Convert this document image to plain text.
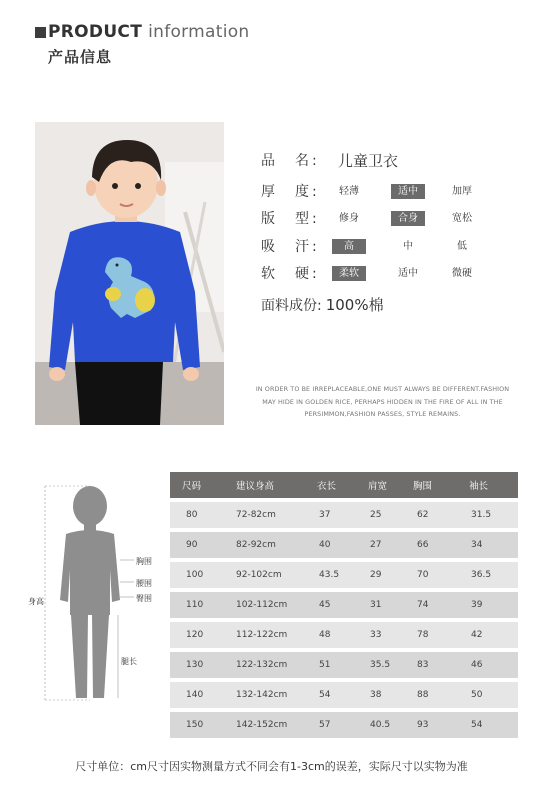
PRODUCT information
产品信息
品　名:	儿童卫衣
厚　度:	轻薄	适中	加厚
版　型:	修身	合身	宽松
吸　汗:	高	中	低
软　硬:	柔软	适中	微硬
面料成份: 100%棉
IN ORDER TO BE IRREPLACEABLE,ONE MUST ALWAYS BE DIFFERENT.FASHION
MAY HIDE IN GOLDEN RICE, PERHAPS HIDDEN IN THE FIRE OF ALL IN THE
PERSIMMON,FASHION PASSES, STYLE REMAINS.
身高
胸围
腰围
臀围
腿长
尺码	建议身高	衣长	肩宽	胸围	袖长
80	72-82cm	37	25	62	31.5
90	82-92cm	40	27	66	34
100	92-102cm	43.5	29	70	36.5
110	102-112cm	45	31	74	39
120	112-122cm	48	33	78	42
130	122-132cm	51	35.5	83	46
140	132-142cm	54	38	88	50
150	142-152cm	57	40.5	93	54
尺寸单位：cm尺寸因实物测量方式不同会有1-3cm的误差，实际尺寸以实物为准
